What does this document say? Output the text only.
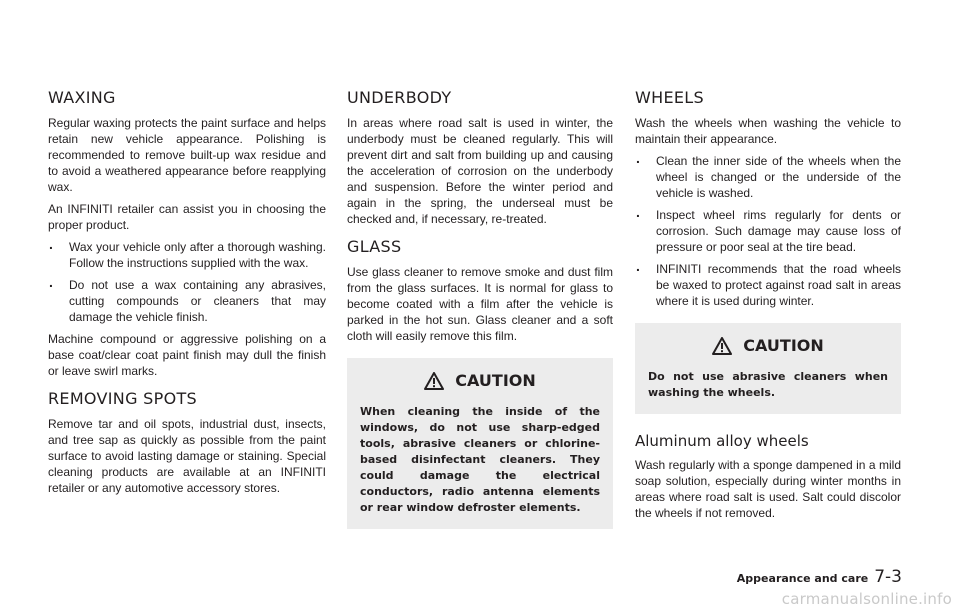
WAXING

Regular waxing protects the paint surface and helps retain new vehicle appearance. Polishing is recommended to remove built-up wax residue and to avoid a weathered appearance before reapplying wax.

An INFINITI retailer can assist you in choosing the proper product.

. Wax your vehicle only after a thorough washing. Follow the instructions supplied with the wax.
. Do not use a wax containing any abrasives, cutting compounds or cleaners that may damage the vehicle finish.

Machine compound or aggressive polishing on a base coat/clear coat paint finish may dull the finish or leave swirl marks.

REMOVING SPOTS

Remove tar and oil spots, industrial dust, insects, and tree sap as quickly as possible from the paint surface to avoid lasting damage or staining. Special cleaning products are available at an INFINITI retailer or any automotive accessory stores.

UNDERBODY

In areas where road salt is used in winter, the underbody must be cleaned regularly. This will prevent dirt and salt from building up and causing the acceleration of corrosion on the underbody and suspension. Before the winter period and again in the spring, the underseal must be checked and, if necessary, re-treated.

GLASS

Use glass cleaner to remove smoke and dust film from the glass surfaces. It is normal for glass to become coated with a film after the vehicle is parked in the hot sun. Glass cleaner and a soft cloth will easily remove this film.

CAUTION

When cleaning the inside of the windows, do not use sharp-edged tools, abrasive cleaners or chlorine-based disinfectant cleaners. They could damage the electrical conductors, radio antenna elements or rear window defroster elements.

WHEELS

Wash the wheels when washing the vehicle to maintain their appearance.

. Clean the inner side of the wheels when the wheel is changed or the underside of the vehicle is washed.
. Inspect wheel rims regularly for dents or corrosion. Such damage may cause loss of pressure or poor seal at the tire bead.
. INFINITI recommends that the road wheels be waxed to protect against road salt in areas where it is used during winter.
CAUTION

Do not use abrasive cleaners when washing the wheels.

Aluminum alloy wheels

Wash regularly with a sponge dampened in a mild soap solution, especially during winter months in areas where road salt is used. Salt could discolor the wheels if not removed.

Appearance and care 7-3
carmanualsonline.info
